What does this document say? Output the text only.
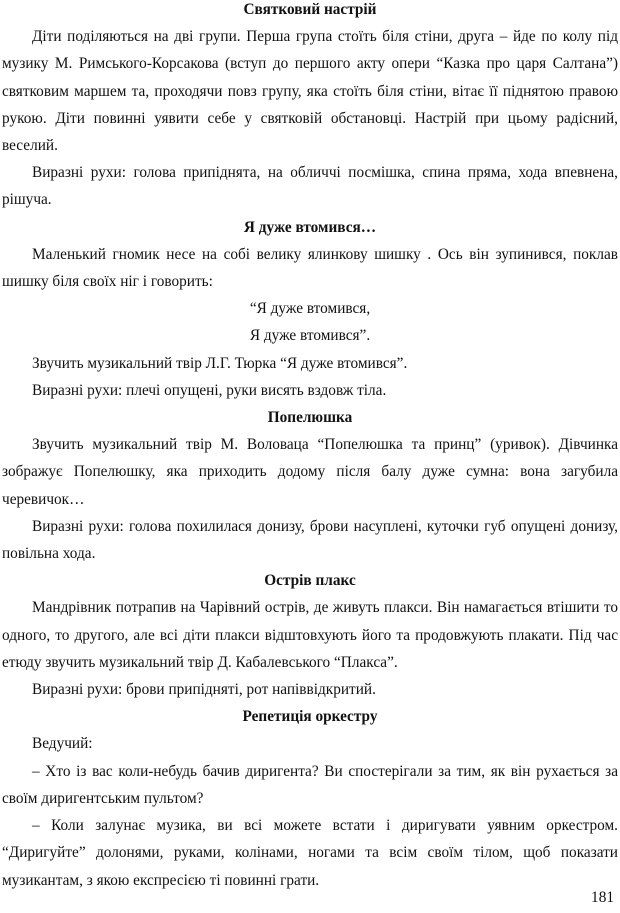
Святковий настрій

Діти поділяються на дві групи. Перша група стоїть біля стіни, друга – йде по колу під музику М. Римського-Корсакова (вступ до першого акту опери “Казка про царя Салтана”) святковим маршем та, проходячи повз групу, яка стоїть біля стіни, вітає її піднятою правою рукою. Діти повинні уявити себе у святковій обстановці. Настрій при цьому радісний, веселий.

Виразні рухи: голова припіднята, на обличчі посмішка, спина пряма, хода впевнена, рішуча.

Я дуже втомився…

Маленький гномик несе на собі велику ялинкову шишку . Ось він зупинився, поклав шишку біля своїх ніг і говорить:

“Я дуже втомився,

Я дуже втомився”.

Звучить музикальний твір Л.Г. Тюрка “Я дуже втомився”.

Виразні рухи: плечі опущені, руки висять вздовж тіла.

Попелюшка

Звучить музикальний твір М. Воловаца “Попелюшка та принц” (уривок). Дівчинка зображує Попелюшку, яка приходить додому після балу дуже сумна: вона загубила черевичок…

Виразні рухи: голова похилилася донизу, брови насуплені, куточки губ опущені донизу, повільна хода.

Острів плакс

Мандрівник потрапив на Чарівний острів, де живуть плакси. Він намагається втішити то одного, то другого, але всі діти плакси відштовхують його та продовжують плакати. Під час етюду звучить музикальний твір Д. Кабалевського “Плакса”.

Виразні рухи: брови припідняті, рот напіввідкритий.

Репетиція оркестру

Ведучий:

– Хто із вас коли-небудь бачив диригента? Ви спостерігали за тим, як він рухається за своїм диригентським пультом?

– Коли залунає музика, ви всі можете встати і диригувати уявним оркестром. “Диригуйте” долонями, руками, колінами, ногами та всім своїм тілом, щоб показати музикантам, з якою експресією ті повинні грати.

181
